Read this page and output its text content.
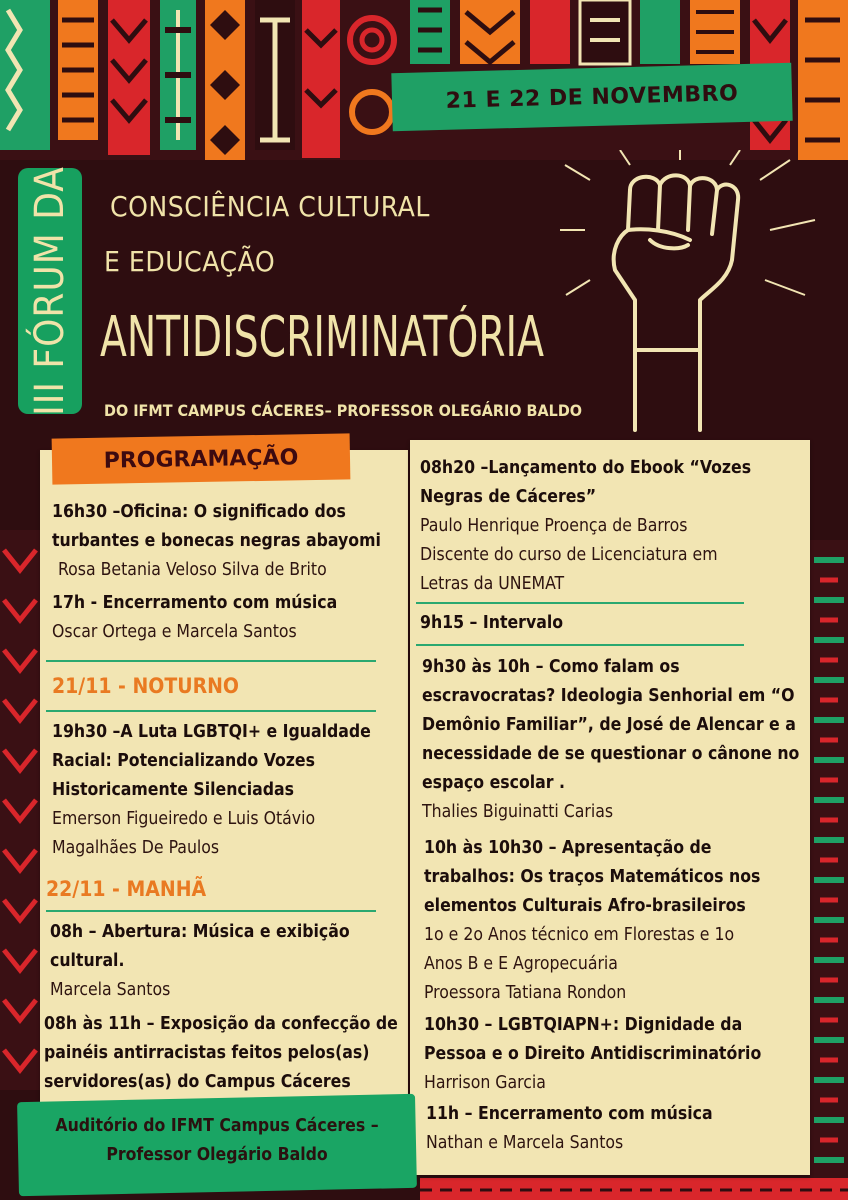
21 E 22 DE NOVEMBRO
III FÓRUM DA CONSCIÊNCIA CULTURAL
E EDUCAÇÃO
ANTIDISCRIMINATÓRIA
DO IFMT CAMPUS CÁCERES– PROFESSOR OLEGÁRIO BALDO
PROGRAMAÇÃO
16h30 –Oficina: O significado dos
turbantes e bonecas negras abayomi
Rosa Betania Veloso Silva de Brito
17h - Encerramento com música
Oscar Ortega e Marcela Santos
21/11 - NOTURNO
19h30 –A Luta LGBTQI+ e Igualdade
Racial: Potencializando Vozes
Historicamente Silenciadas
Emerson Figueiredo e Luis Otávio
Magalhães De Paulos
22/11 - MANHÃ
08h – Abertura: Música e exibição
cultural.
Marcela Santos
08h às 11h – Exposição da confecção de
painéis antirracistas feitos pelos(as)
servidores(as) do Campus Cáceres
08h20 –Lançamento do Ebook “Vozes
Negras de Cáceres”
Paulo Henrique Proença de Barros
Discente do curso de Licenciatura em
Letras da UNEMAT
9h15 – Intervalo
9h30 às 10h – Como falam os
escravocratas? Ideologia Senhorial em “O
Demônio Familiar”, de José de Alencar e a
necessidade de se questionar o cânone no
espaço escolar .
Thalies Biguinatti Carias
10h às 10h30 – Apresentação de
trabalhos: Os traços Matemáticos nos
elementos Culturais Afro-brasileiros
1o e 2o Anos técnico em Florestas e 1o
Anos B e E Agropecuária
Proessora Tatiana Rondon
10h30 – LGBTQIAPN+: Dignidade da
Pessoa e o Direito Antidiscriminatório
Harrison Garcia
11h – Encerramento com música
Nathan e Marcela Santos
Auditório do IFMT Campus Cáceres –
Professor Olegário Baldo
